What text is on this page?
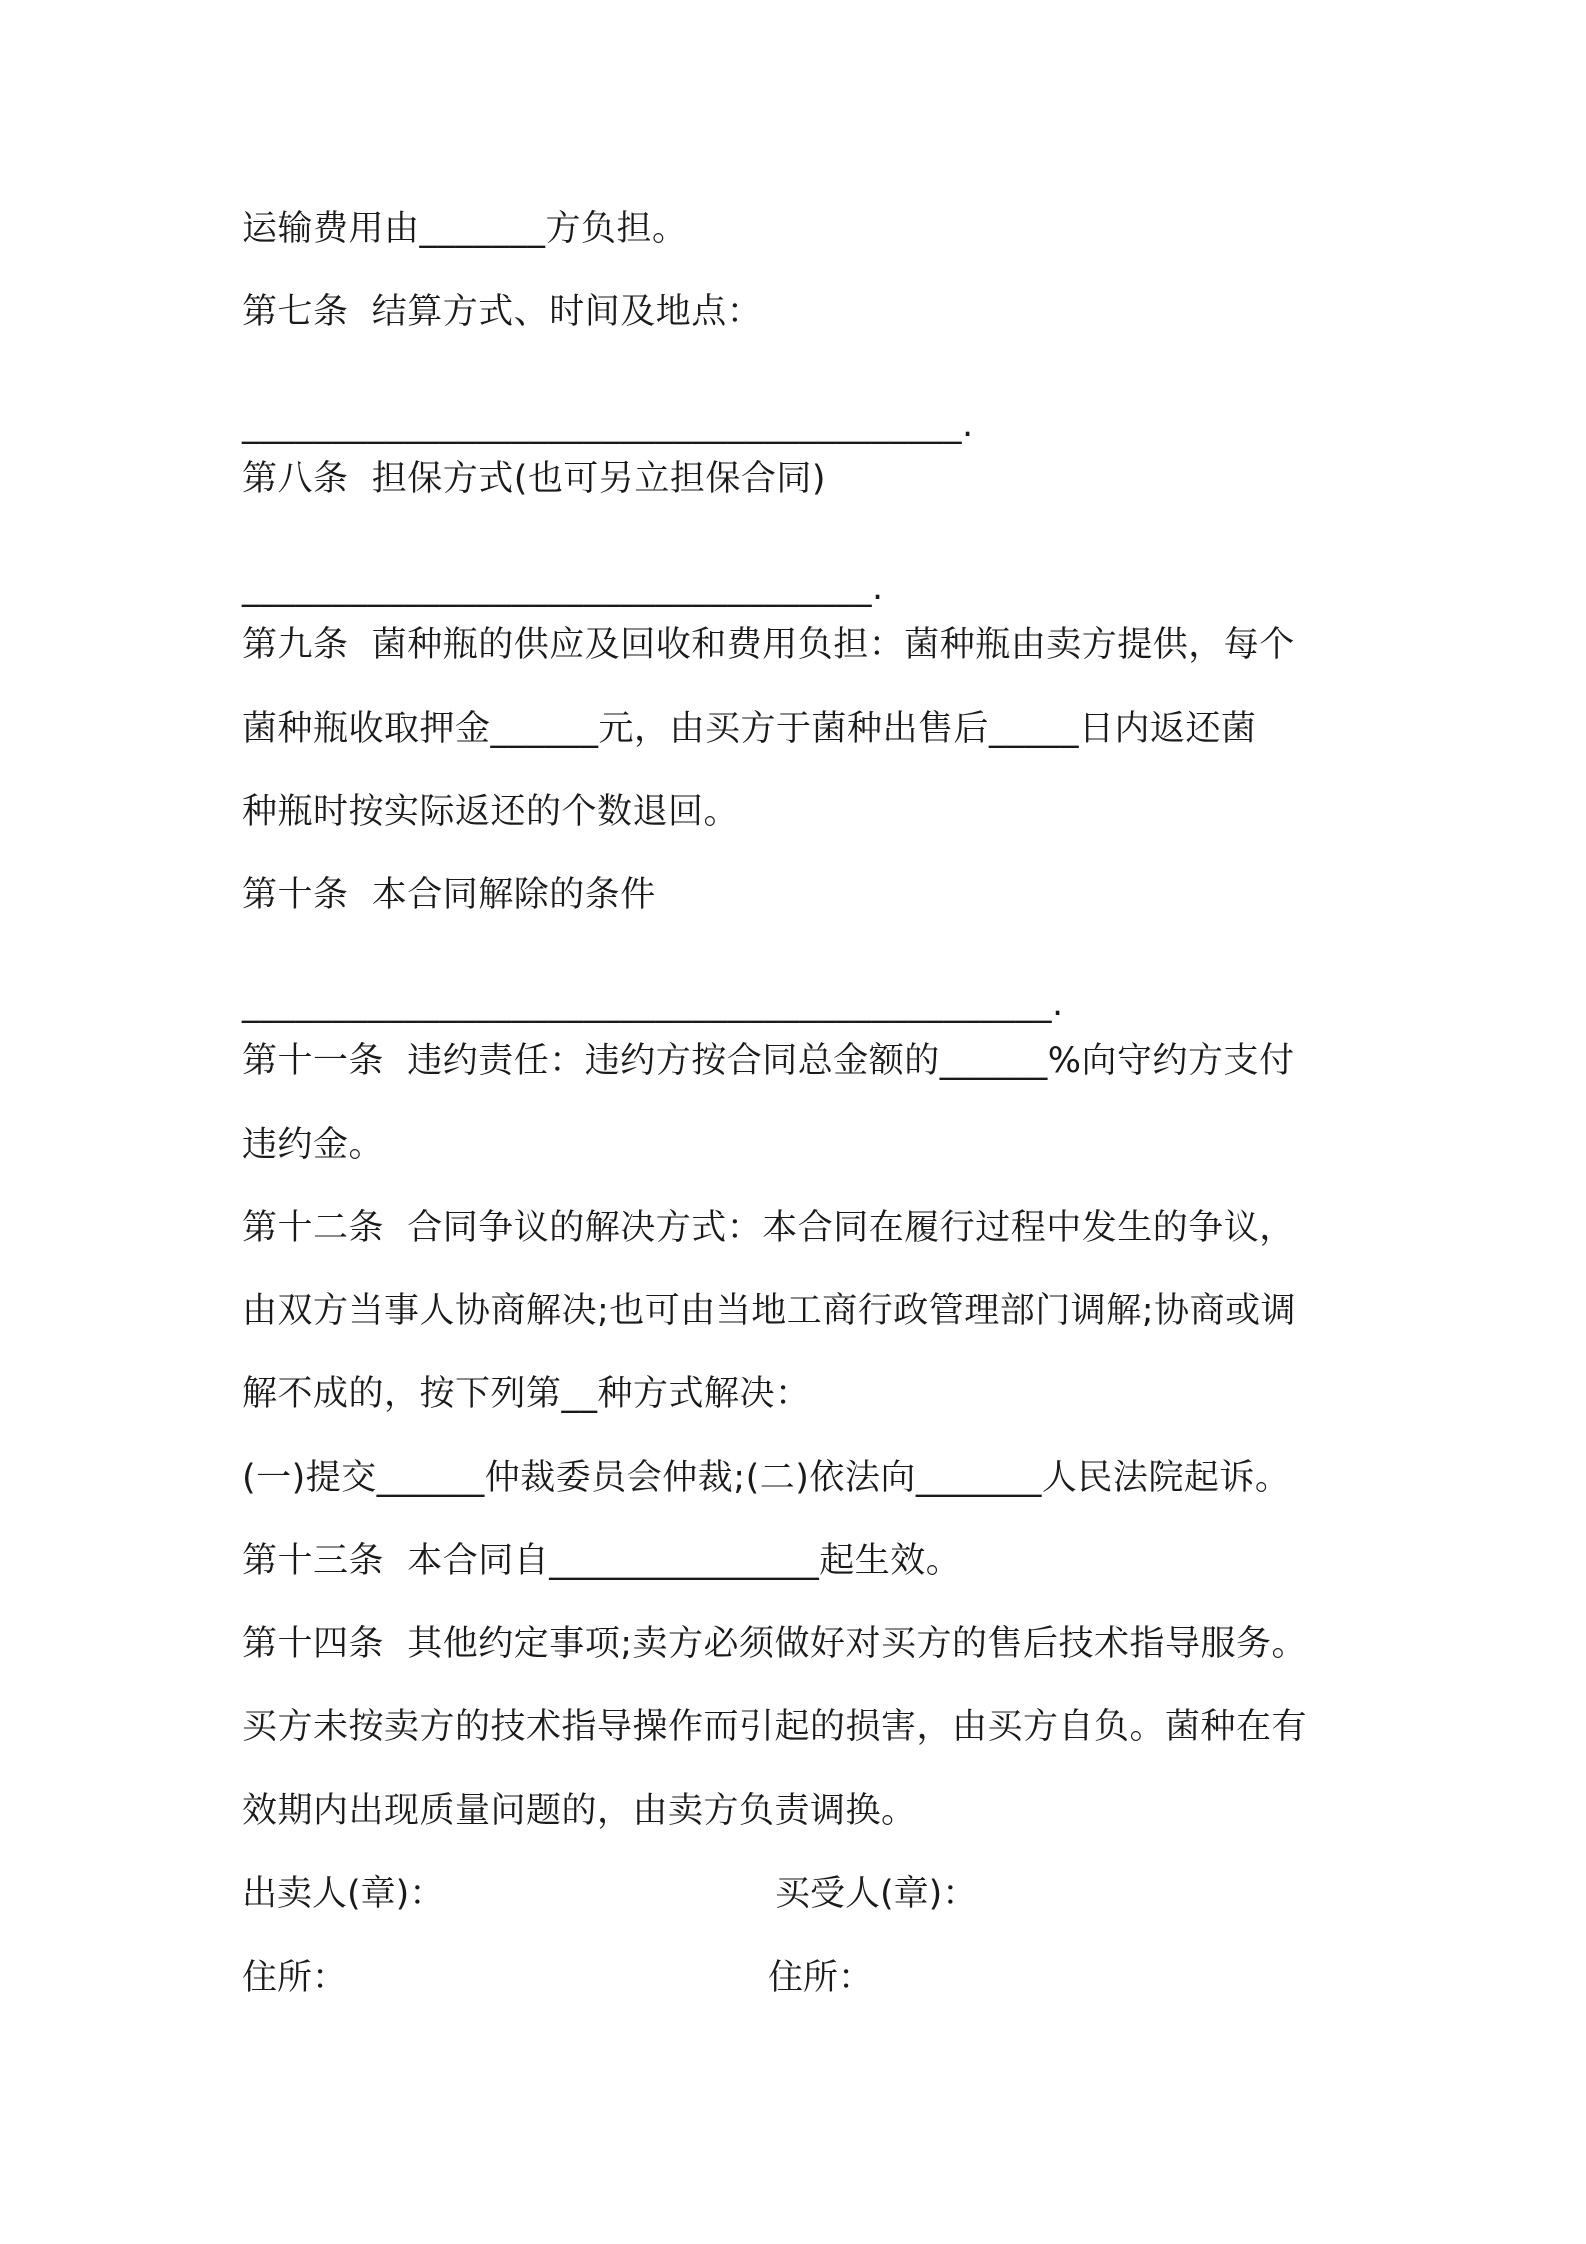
运输费用由_______方负担。
第七条  结算方式、时间及地点：
________________________________________.
第八条  担保方式(也可另立担保合同)
___________________________________.
第九条  菌种瓶的供应及回收和费用负担：菌种瓶由卖方提供，每个
菌种瓶收取押金______元，由买方于菌种出售后_____日内返还菌
种瓶时按实际返还的个数退回。
第十条  本合同解除的条件
_____________________________________________.
第十一条  违约责任：违约方按合同总金额的______%向守约方支付
违约金。
第十二条  合同争议的解决方式：本合同在履行过程中发生的争议，
由双方当事人协商解决;也可由当地工商行政管理部门调解;协商或调
解不成的，按下列第__种方式解决：
(一)提交______仲裁委员会仲裁;(二)依法向_______人民法院起诉。
第十三条  本合同自_______________起生效。
第十四条  其他约定事项;卖方必须做好对买方的售后技术指导服务。
买方未按卖方的技术指导操作而引起的损害，由买方自负。菌种在有
效期内出现质量问题的，由卖方负责调换。
出卖人(章)：	买受人(章)：
住所：	住所：
